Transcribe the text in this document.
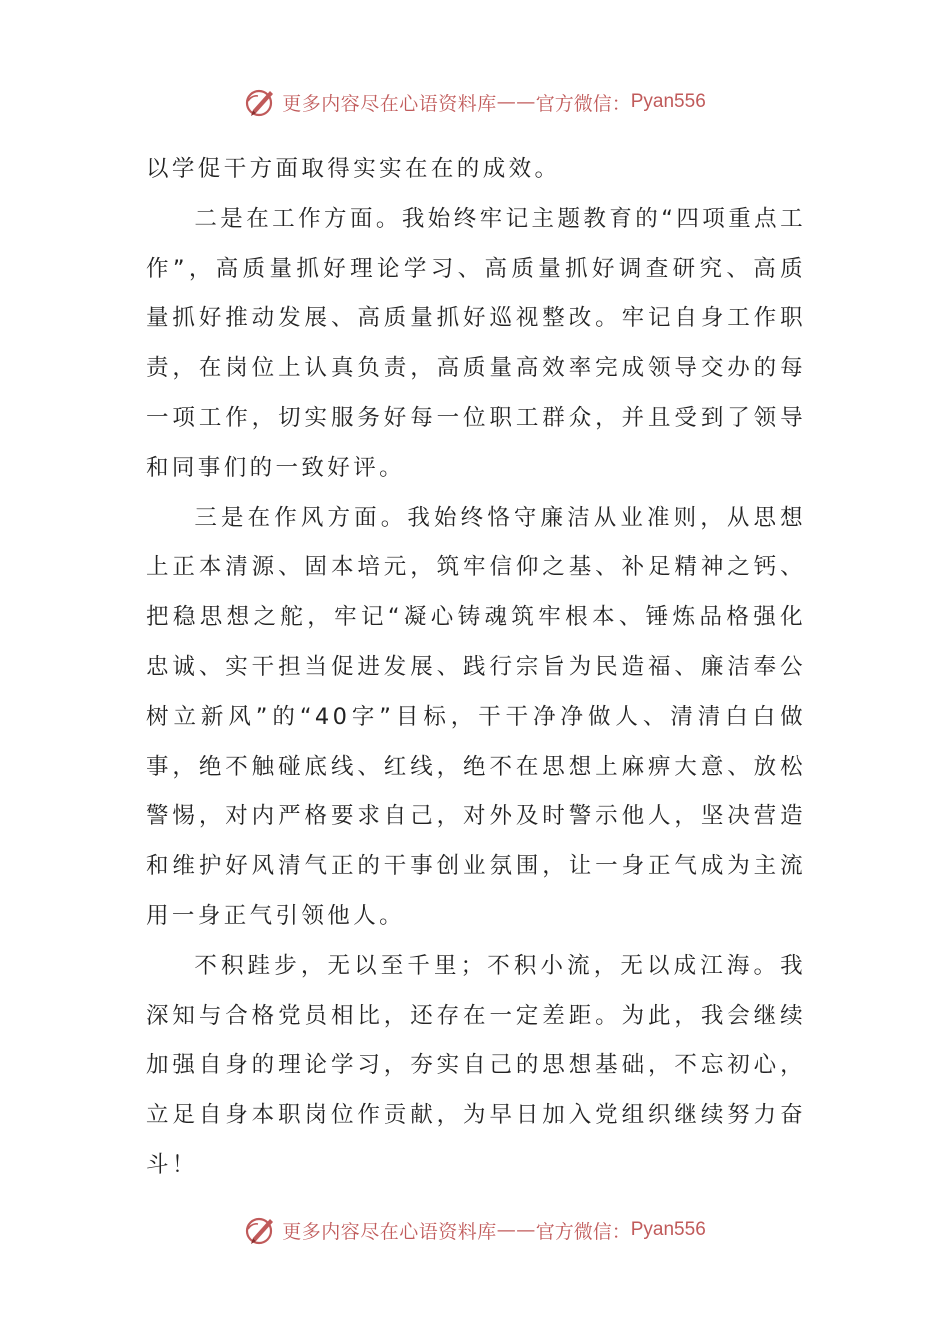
更多内容尽在心语资料库 —— 官方微信： Pyan556

以学促干方面取得实实在在的成效。

二是在工作方面。我始终牢记主题教育的“四项重点工作”，高质量抓好理论学习、高质量抓好调查研究、高质量抓好推动发展、高质量抓好巡视整改。牢记自身工作职责，在岗位上认真负责，高质量高效率完成领导交办的每一项工作，切实服务好每一位职工群众，并且受到了领导和同事们的一致好评。

三是在作风方面。我始终恪守廉洁从业准则，从思想上正本清源、固本培元，筑牢信仰之基、补足精神之钙、把稳思想之舵，牢记“凝心铸魂筑牢根本、锤炼品格强化忠诚、实干担当促进发展、践行宗旨为民造福、廉洁奉公树立新风”的“40字”目标，干干净净做人、清清白白做事，绝不触碰底线、红线，绝不在思想上麻痹大意、放松警惕，对内严格要求自己，对外及时警示他人，坚决营造和维护好风清气正的干事创业氛围，让一身正气成为主流用一身正气引领他人。

不积跬步，无以至千里；不积小流，无以成江海。我深知与合格党员相比，还存在一定差距。为此，我会继续加强自身的理论学习，夯实自己的思想基础，不忘初心，立足自身本职岗位作贡献，为早日加入党组织继续努力奋斗！

更多内容尽在心语资料库 —— 官方微信： Pyan556
